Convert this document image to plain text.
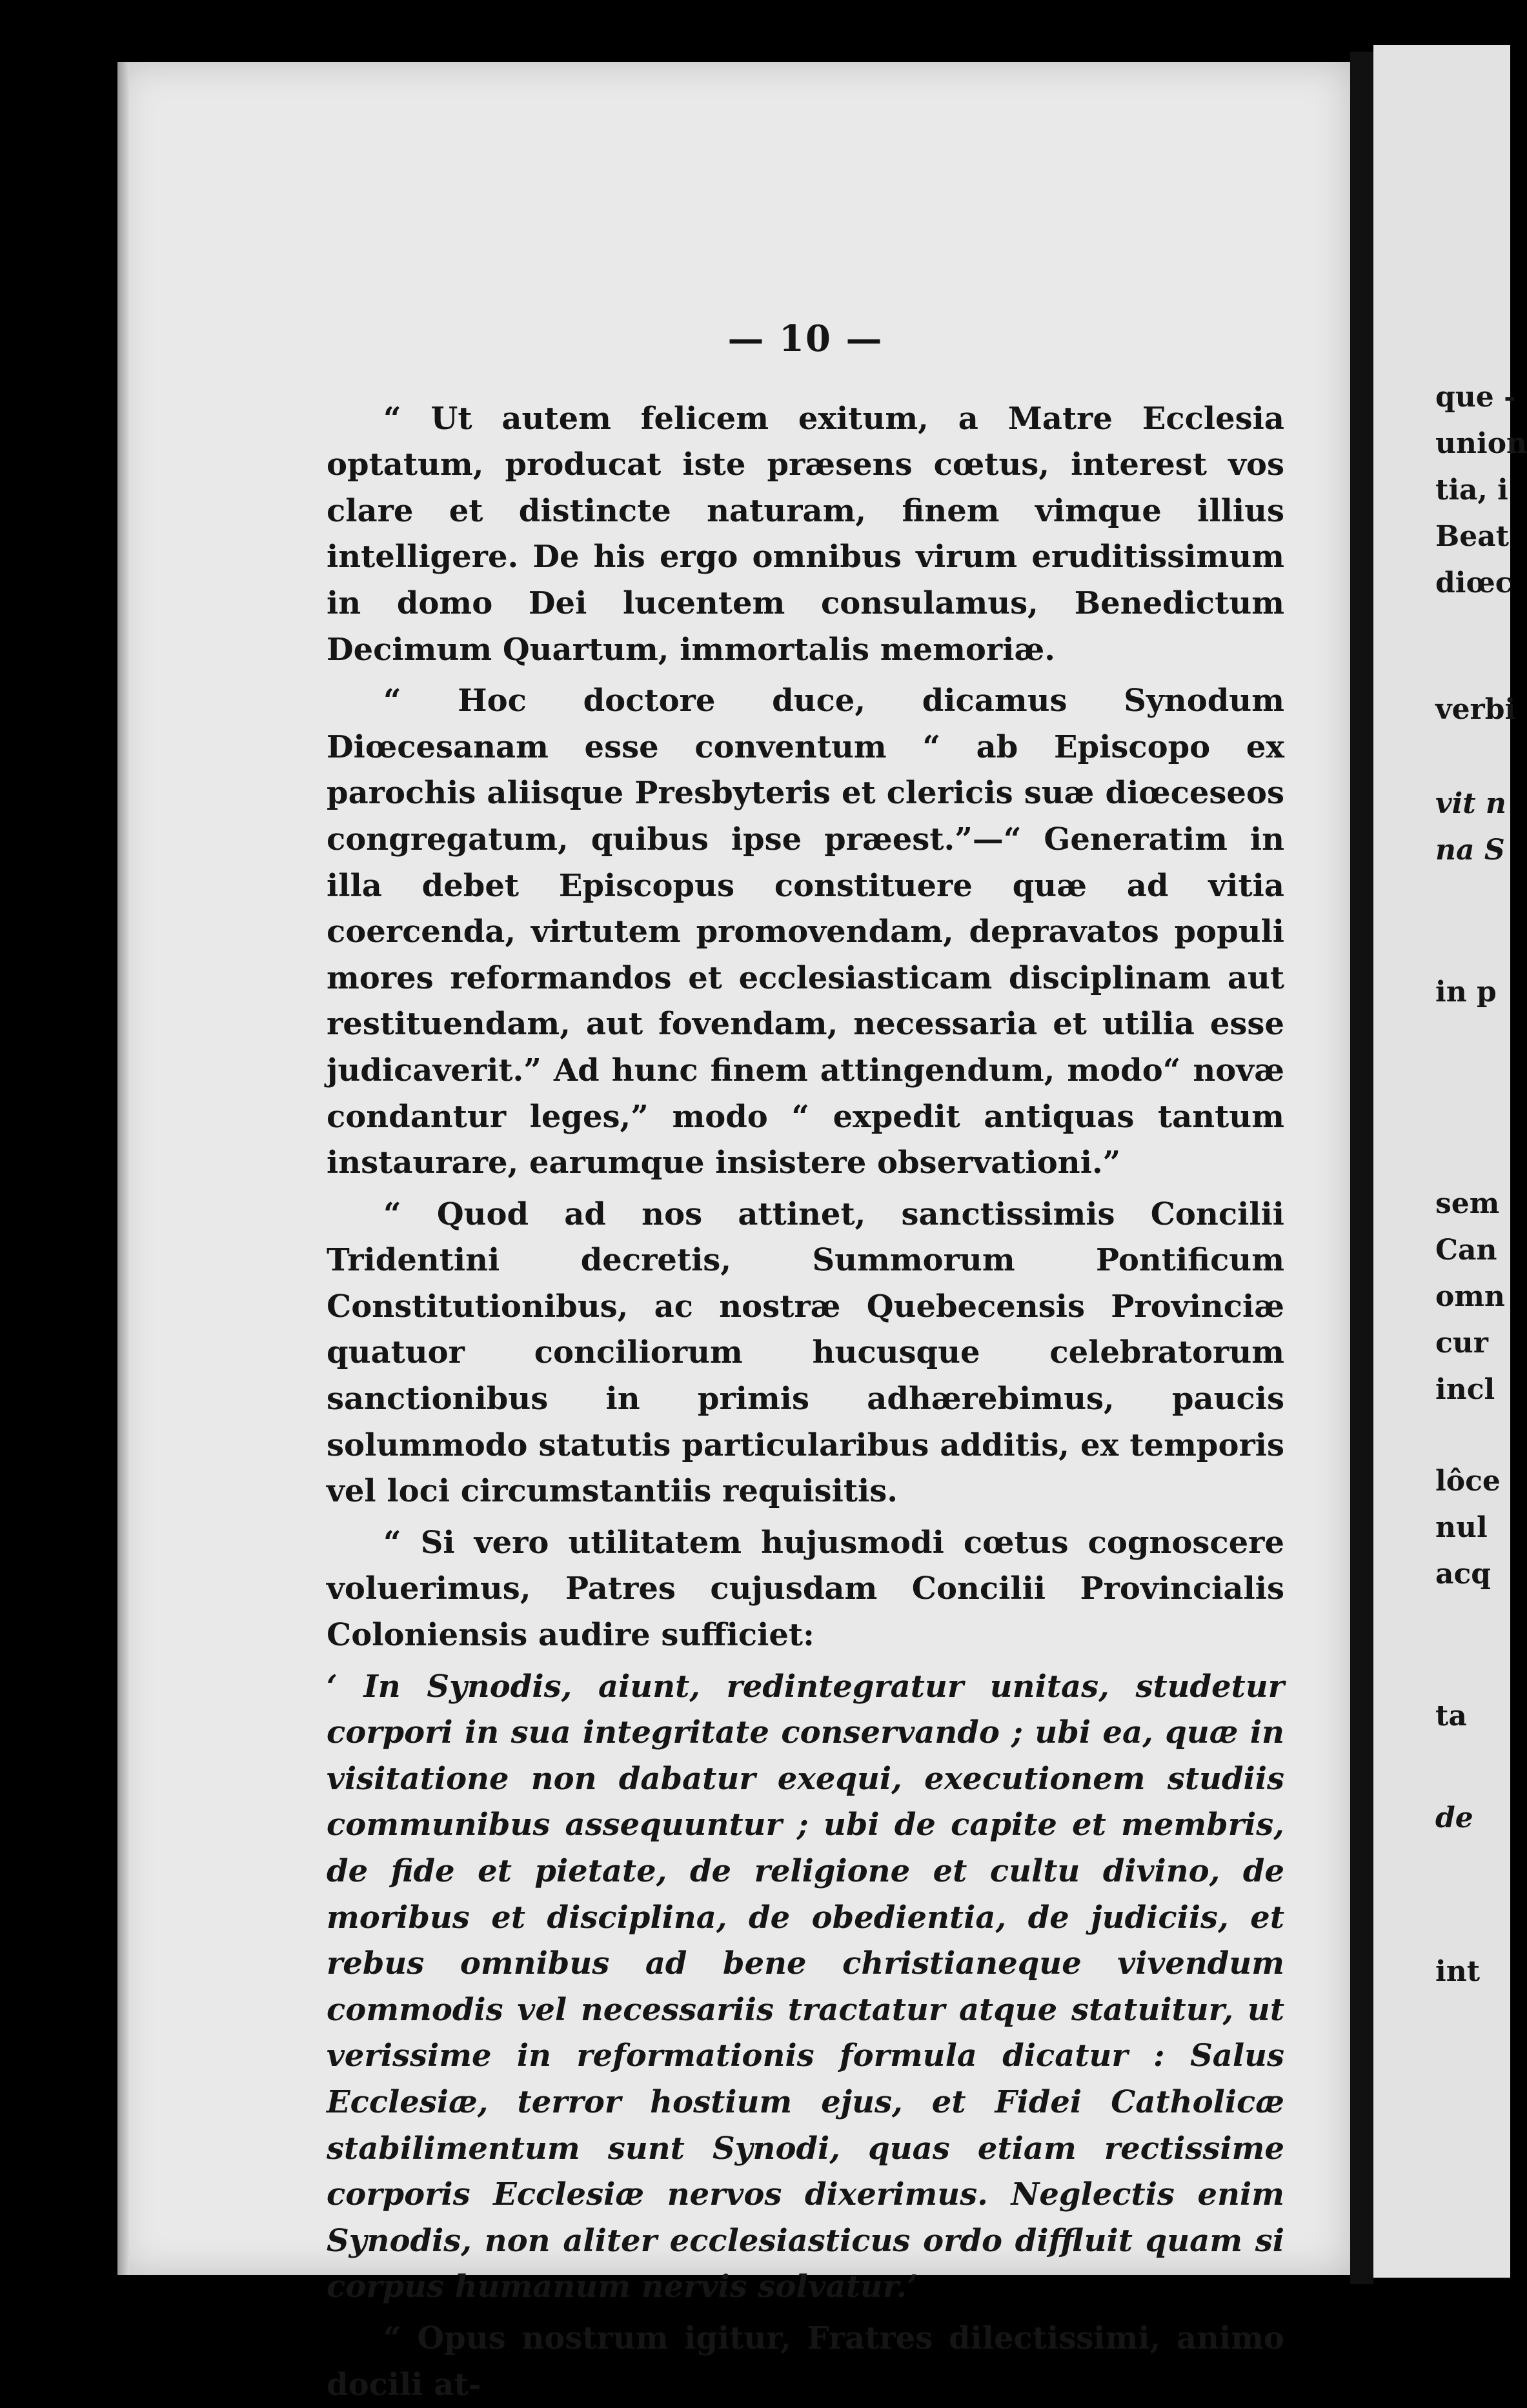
que -
union
tia, i
Beat
diœc
verbi
vit n
na S
in p
sem
Can
omn
cur
incl
lôce
nul
acq
ta
de
int
— 10 —

“ Ut autem felicem exitum, a Matre Ecclesia optatum, producat iste præsens cœtus, interest vos clare et distincte naturam, finem vimque illius intelligere. De his ergo omnibus virum eruditissimum in domo Dei lucentem consulamus, Benedictum Decimum Quartum, immortalis memoriæ.

“ Hoc doctore duce, dicamus Synodum Diœcesanam esse conventum “ ab Episcopo ex parochis aliisque Presbyteris et clericis suæ diœceseos congregatum, quibus ipse præest.”—“ Generatim in illa debet Episcopus constituere quæ ad vitia coercenda, virtutem promovendam, depravatos populi mores reformandos et ecclesiasticam disciplinam aut restituendam, aut fovendam, necessaria et utilia esse judicaverit.” Ad hunc finem attingendum, modo“ novæ condantur leges,” modo “ expedit antiquas tantum instaurare, earumque insistere observationi.”

“ Quod ad nos attinet, sanctissimis Concilii Tridentini decretis, Summorum Pontificum Constitutionibus, ac nostræ Quebecensis Provinciæ quatuor conciliorum hucusque celebratorum sanctionibus in primis adhærebimus, paucis solummodo statutis particularibus additis, ex temporis vel loci circumstantiis requisitis.

“ Si vero utilitatem hujusmodi cœtus cognoscere voluerimus, Patres cujusdam Concilii Provincialis Coloniensis audire sufficiet:

‘ In Synodis, aiunt, redintegratur unitas, studetur corpori in sua integritate conservando ; ubi ea, quæ in visitatione non dabatur exequi, executionem studiis communibus assequuntur ; ubi de capite et membris, de fide et pietate, de religione et cultu divino, de moribus et disciplina, de obedientia, de judiciis, et rebus omnibus ad bene christianeque vivendum commodis vel necessariis tractatur atque statuitur, ut verissime in reformationis formula dicatur : Salus Ecclesiæ, terror hostium ejus, et Fidei Catholicæ stabilimentum sunt Synodi, quas etiam rectissime corporis Ecclesiæ nervos dixerimus. Neglectis enim Synodis, non aliter ecclesiasticus ordo diffluit quam si corpus humanum nervis solvatur.’

“ Opus nostrum igitur, Fratres dilectissimi, animo docili at-
